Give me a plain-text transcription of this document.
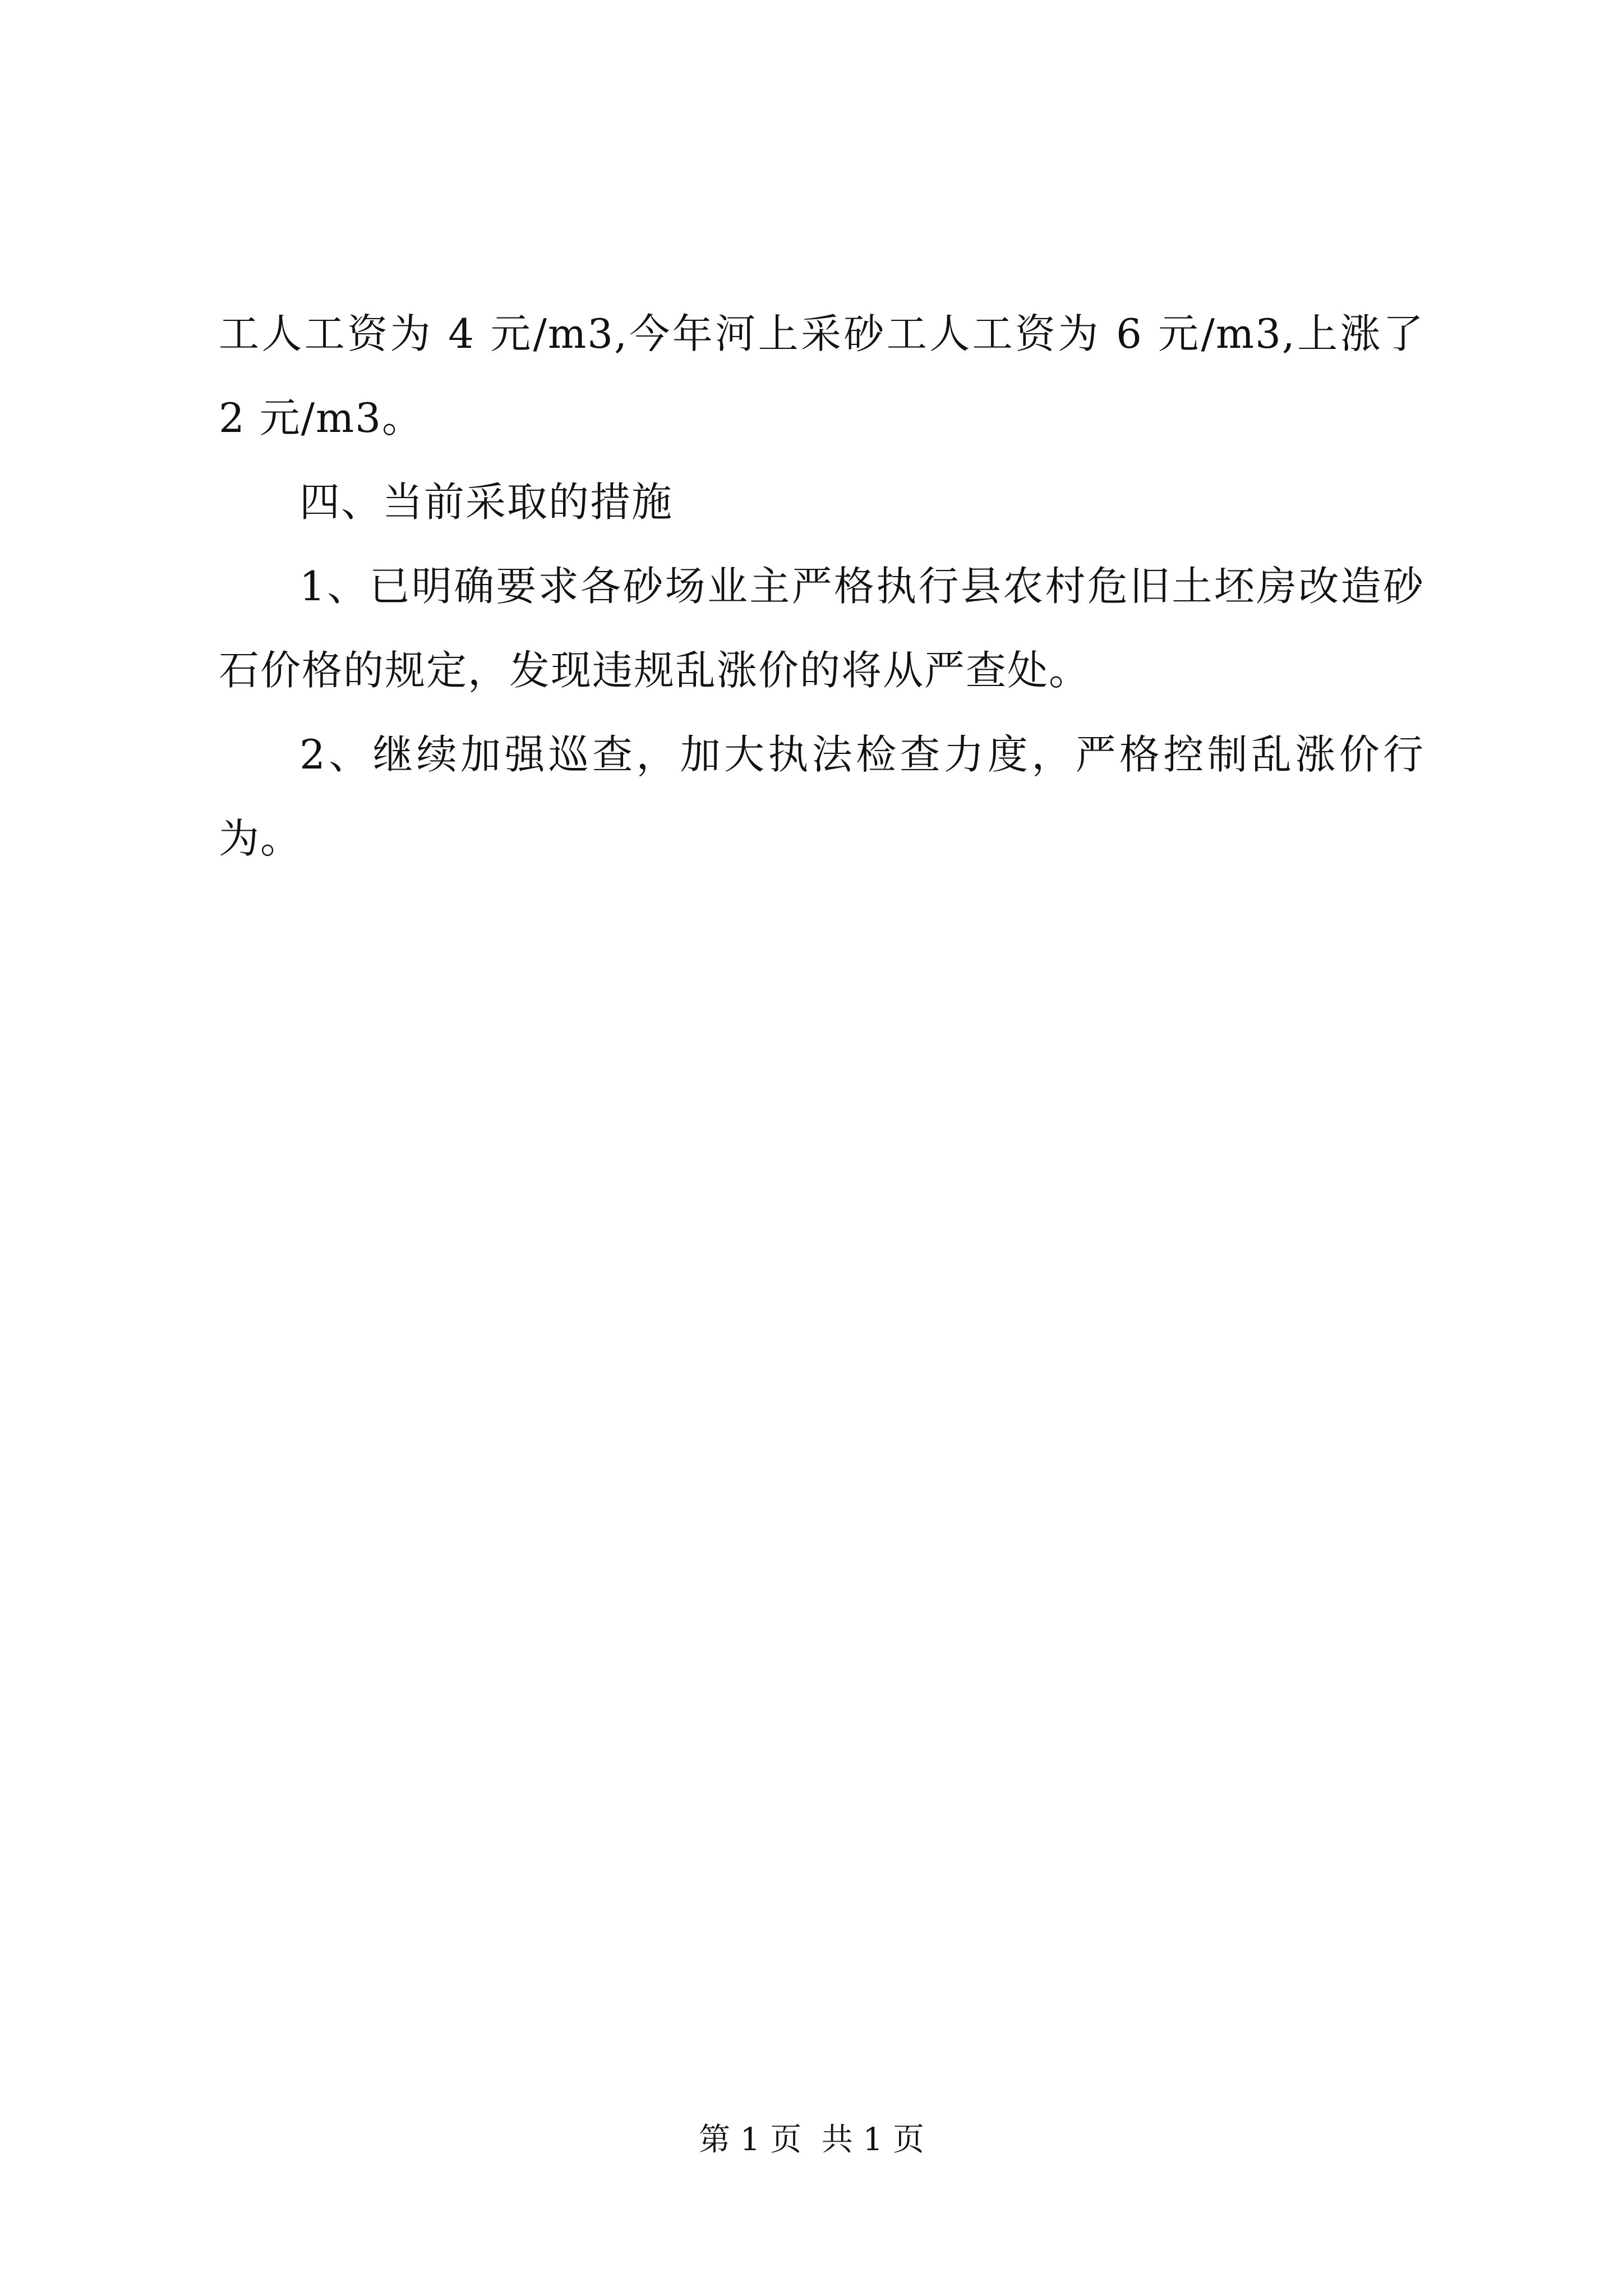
工人工资为 4 元/m3,今年河上采砂工人工资为 6 元/m3,上涨了 2 元/m3。

四、当前采取的措施

1、已明确要求各砂场业主严格执行县农村危旧土坯房改造砂石价格的规定，发现违规乱涨价的将从严查处。

2、继续加强巡查，加大执法检查力度，严格控制乱涨价行为。

第 1 页  共 1 页
